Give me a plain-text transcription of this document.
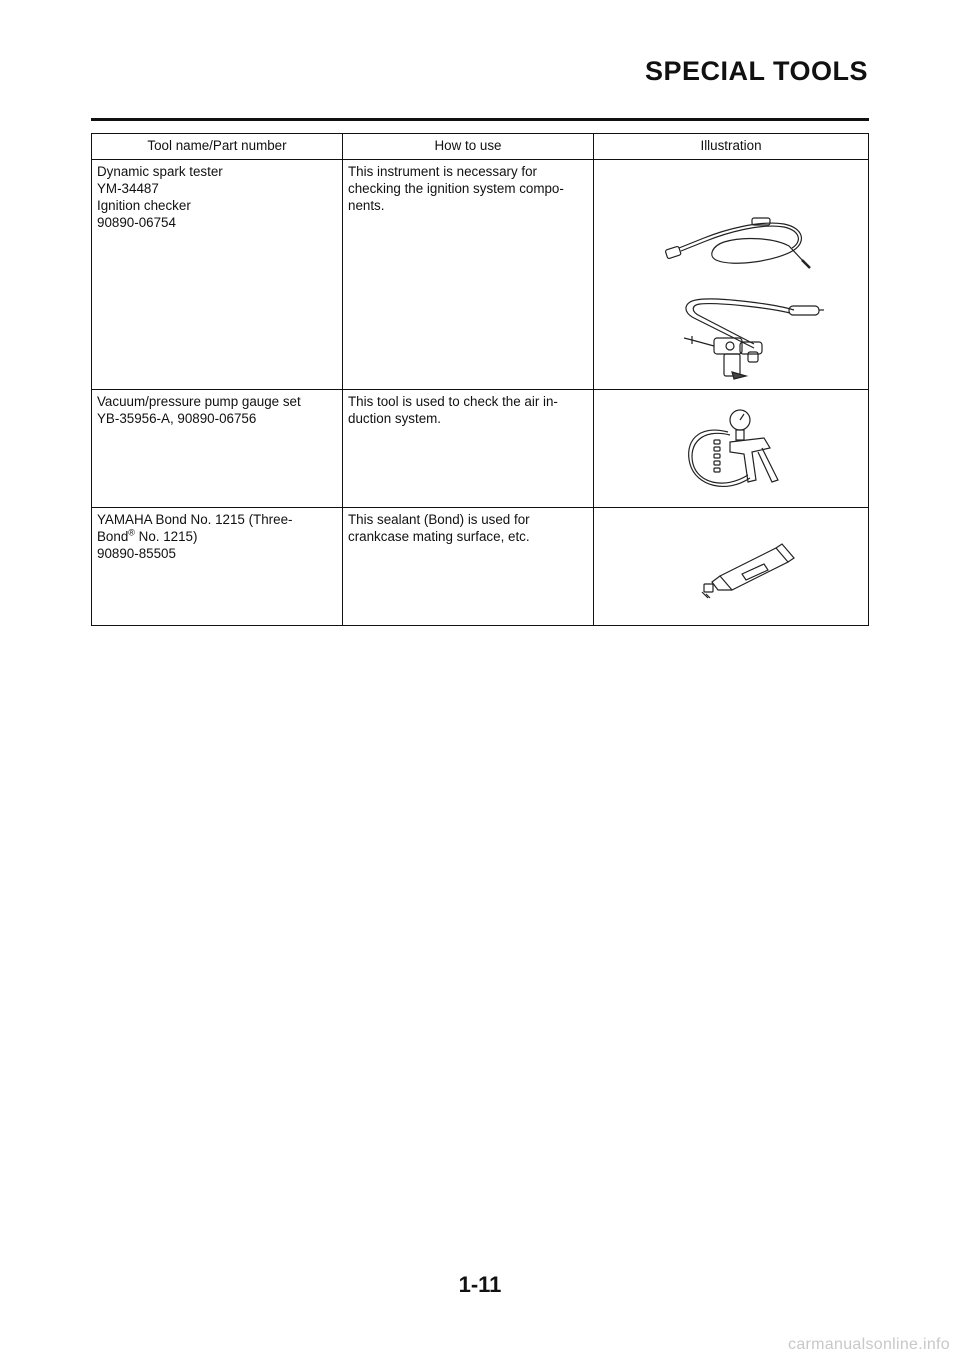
SPECIAL TOOLS
Tool name/Part number	How to use	Illustration

Dynamic spark tester
YM-34487
Ignition checker
90890-06754	This instrument is necessary for
checking the ignition system compo-
nents.

Vacuum/pressure pump gauge set
YB-35956-A, 90890-06756	This tool is used to check the air in-
duction system.

YAMAHA Bond No. 1215 (Three-
Bond® No. 1215)
90890-85505	This sealant (Bond) is used for
crankcase mating surface, etc.

1-11
carmanualsonline.info
